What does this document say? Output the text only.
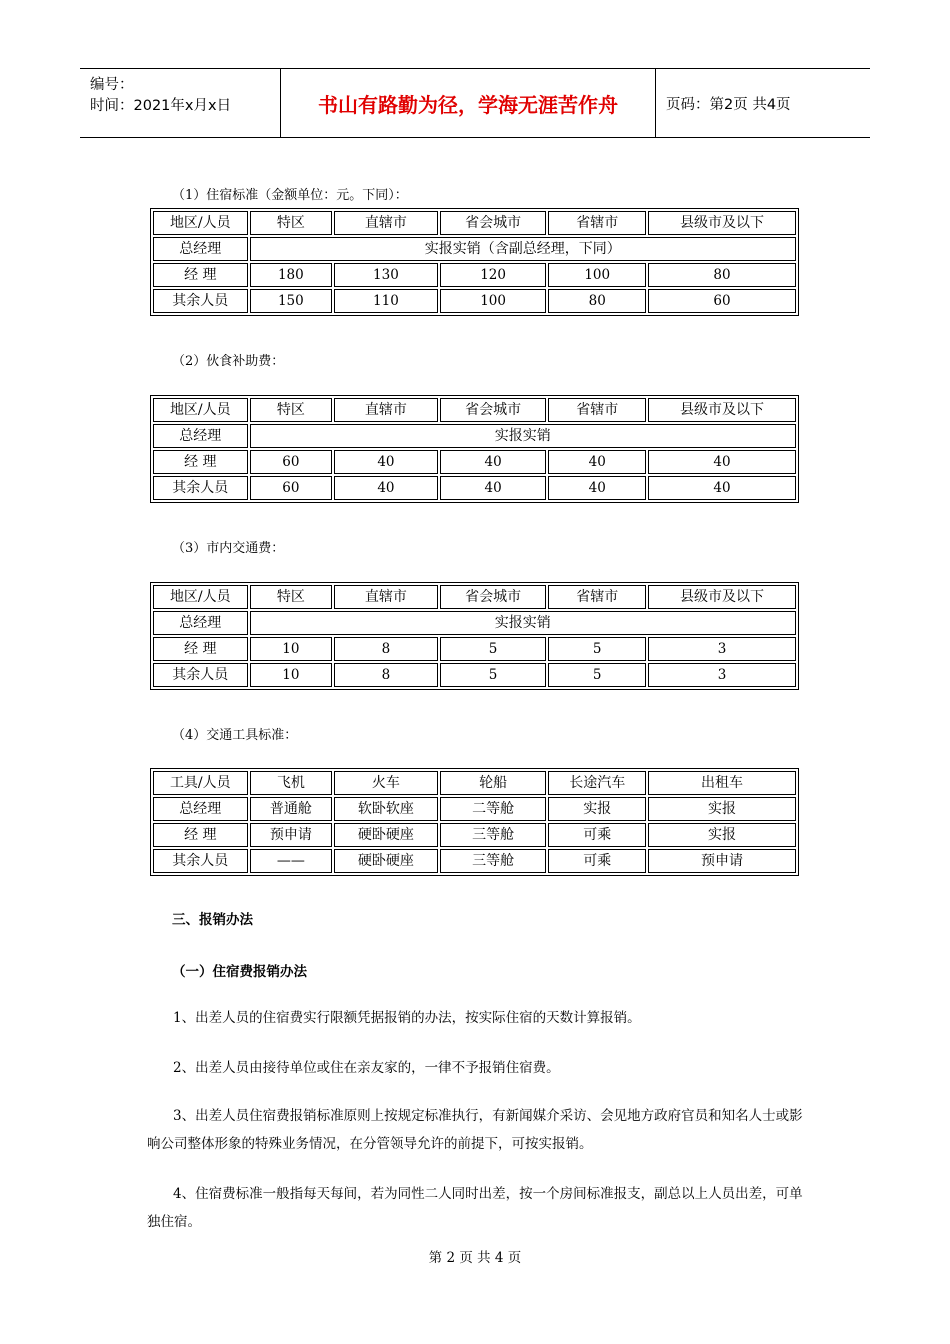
编号：
时间：2021年x月x日	书山有路勤为径，学海无涯苦作舟	页码：第2页 共4页
（1）住宿标准（金额单位：元。下同）：
地区/人员	特区	直辖市	省会城市	省辖市	县级市及以下
总经理	实报实销（含副总经理，下同）				
经 理	180	130	120	100	80
其余人员	150	110	100	80	60
（2）伙食补助费：
地区/人员	特区	直辖市	省会城市	省辖市	县级市及以下
总经理	实报实销				
经 理	60	40	40	40	40
其余人员	60	40	40	40	40
（3）市内交通费：
地区/人员	特区	直辖市	省会城市	省辖市	县级市及以下
总经理	实报实销				
经 理	10	8	5	5	3
其余人员	10	8	5	5	3
（4）交通工具标准：
工具/人员	飞机	火车	轮船	长途汽车	出租车
总经理	普通舱	软卧软座	二等舱	实报	实报
经 理	预申请	硬卧硬座	三等舱	可乘	实报
其余人员	——	硬卧硬座	三等舱	可乘	预申请
三、报销办法
（一）住宿费报销办法
1、出差人员的住宿费实行限额凭据报销的办法，按实际住宿的天数计算报销。
2、出差人员由接待单位或住在亲友家的，一律不予报销住宿费。
3、出差人员住宿费报销标准原则上按规定标准执行，有新闻媒介采访、会见地方政府官员和知名人士或影响公司整体形象的特殊业务情况，在分管领导允许的前提下，可按实报销。
4、住宿费标准一般指每天每间，若为同性二人同时出差，按一个房间标准报支，副总以上人员出差，可单独住宿。
第 2 页 共 4 页
